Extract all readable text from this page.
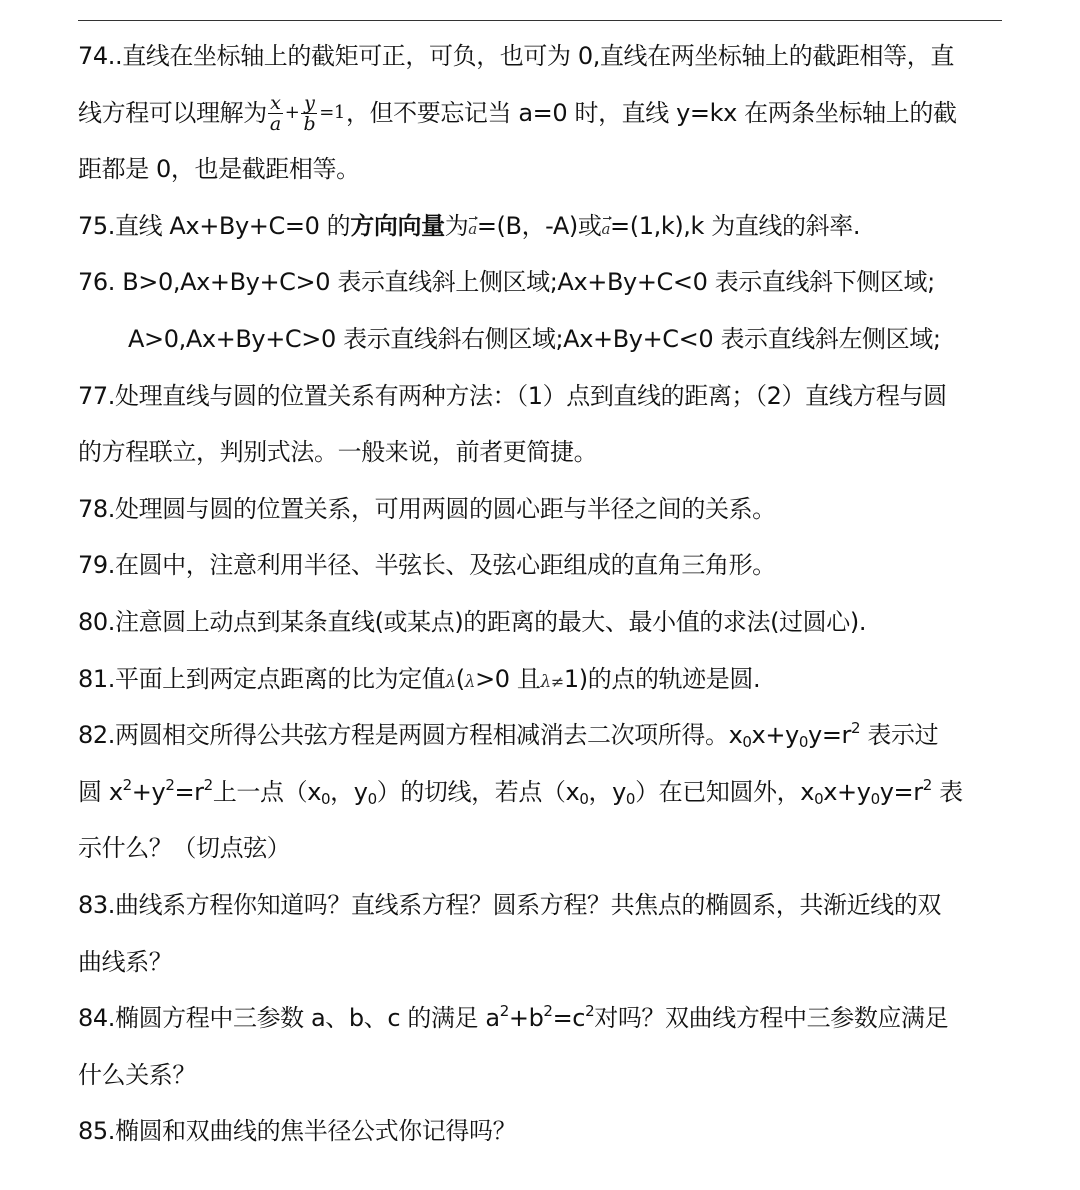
74..直线在坐标轴上的截矩可正，可负，也可为 0,直线在两坐标轴上的截距相等，直
线方程可以理解为 $\frac{x}{a} + \frac{y}{b} =1$，但不要忘记当 a=0 时，直线 y=kx 在两条坐标轴上的截
距都是 0，也是截距相等。
75.直线 Ax+By+C=0 的方向向量为a=(B，-A)或a=(1,k),k 为直线的斜率.
76. B>0,Ax+By+C>0 表示直线斜上侧区域;Ax+By+C<0 表示直线斜下侧区域;
A>0,Ax+By+C>0 表示直线斜右侧区域;Ax+By+C<0 表示直线斜左侧区域;
77.处理直线与圆的位置关系有两种方法：（1）点到直线的距离；（2）直线方程与圆
的方程联立，判别式法。一般来说，前者更简捷。
78.处理圆与圆的位置关系，可用两圆的圆心距与半径之间的关系。
79.在圆中，注意利用半径、半弦长、及弦心距组成的直角三角形。
80.注意圆上动点到某条直线(或某点)的距离的最大、最小值的求法(过圆心).
81.平面上到两定点距离的比为定值λ(λ>0 且λ≠1)的点的轨迹是圆.
82.两圆相交所得公共弦方程是两圆方程相减消去二次项所得。$x_0x+y_0y=r^2$ 表示过
圆 $x^2+y^2=r^2$上一点（$x_0$，$y_0$）的切线，若点（$x_0$，$y_0$）在已知圆外，$x_0x+y_0y=r^2$ 表
示什么？（切点弦）
83.曲线系方程你知道吗？直线系方程？圆系方程？共焦点的椭圆系，共渐近线的双
曲线系？
84.椭圆方程中三参数 a、b、c 的满足 $a^2+b^2=c^2$对吗？双曲线方程中三参数应满足
什么关系？
85.椭圆和双曲线的焦半径公式你记得吗？
